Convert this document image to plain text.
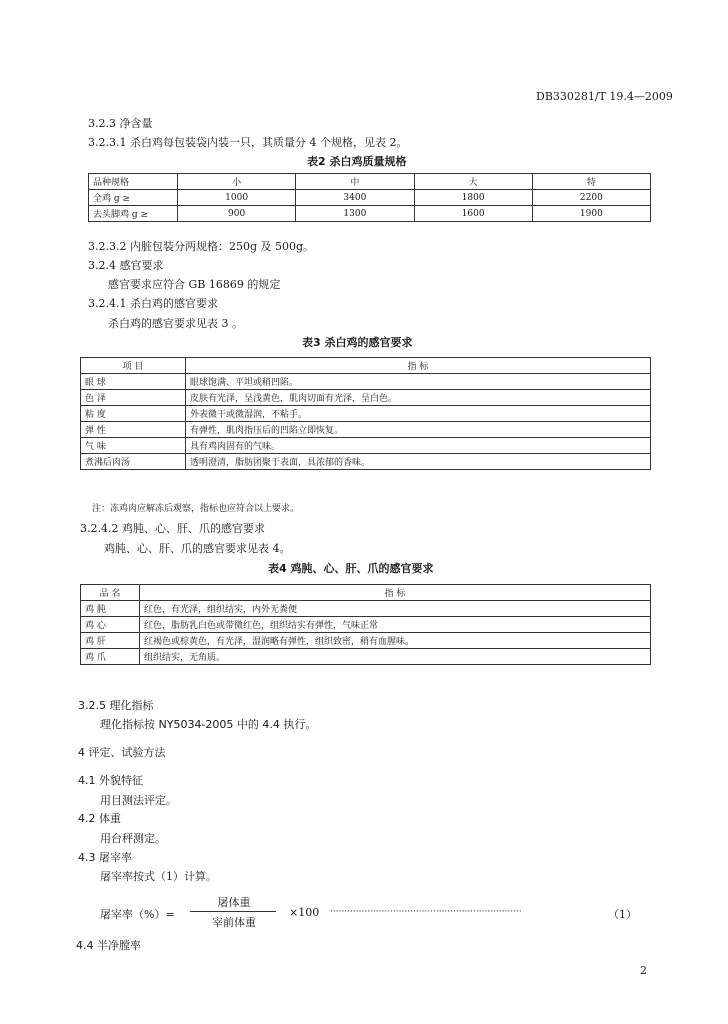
DB330281/T 19.4—2009
3.2.3 净含量
3.2.3.1 杀白鸡每包装袋内装一只，其质量分 4 个规格，见表 2。
表2 杀白鸡质量规格
品种规格	小	中	大	特
全鸡 g ≥	1000	3400	1800	2200
去头脚鸡 g ≥	900	1300	1600	1900
3.2.3.2 内脏包装分两规格：250g 及 500g。
3.2.4 感官要求
感官要求应符合 GB 16869 的规定
3.2.4.1 杀白鸡的感官要求
杀白鸡的感官要求见表 3 。
表3 杀白鸡的感官要求
项 目	指 标
眼 球	眼球饱满、平坦或稍凹陷。
色 泽	皮肤有光泽，呈浅黄色，肌肉切面有光泽，呈白色。
粘 度	外表微干或微湿润，不粘手。
弹 性	有弹性，肌肉指压后的凹陷立即恢复。
气 味	具有鸡肉固有的气味。
煮沸后肉汤	透明澄清，脂肪团聚于表面，具浓郁的香味。
注：冻鸡肉应解冻后观察，指标也应符合以上要求。
3.2.4.2 鸡肫、心、肝、爪的感官要求
鸡肫、心、肝、爪的感官要求见表 4。
表4 鸡肫、心、肝、爪的感官要求
品 名	指 标
鸡 肫	红色，有光泽，组织结实，内外无粪便
鸡 心	红色，脂肪乳白色或带微红色，组织结实有弹性，气味正常
鸡 肝	红褐色或棕黄色，有光泽，湿润略有弹性，组织致密，稍有血腥味。
鸡 爪	组织结实，无角质。
3.2.5 理化指标
理化指标按 NY5034-2005 中的 4.4 执行。
4 评定、试验方法
4.1 外貌特征
用目测法评定。
4.2 体重
用台秤测定。
4.3 屠宰率
屠宰率按式（1）计算。
屠宰率（%）=
屠体重
宰前体重
×100 ···································································	（1）
4.4 半净膛率
2
